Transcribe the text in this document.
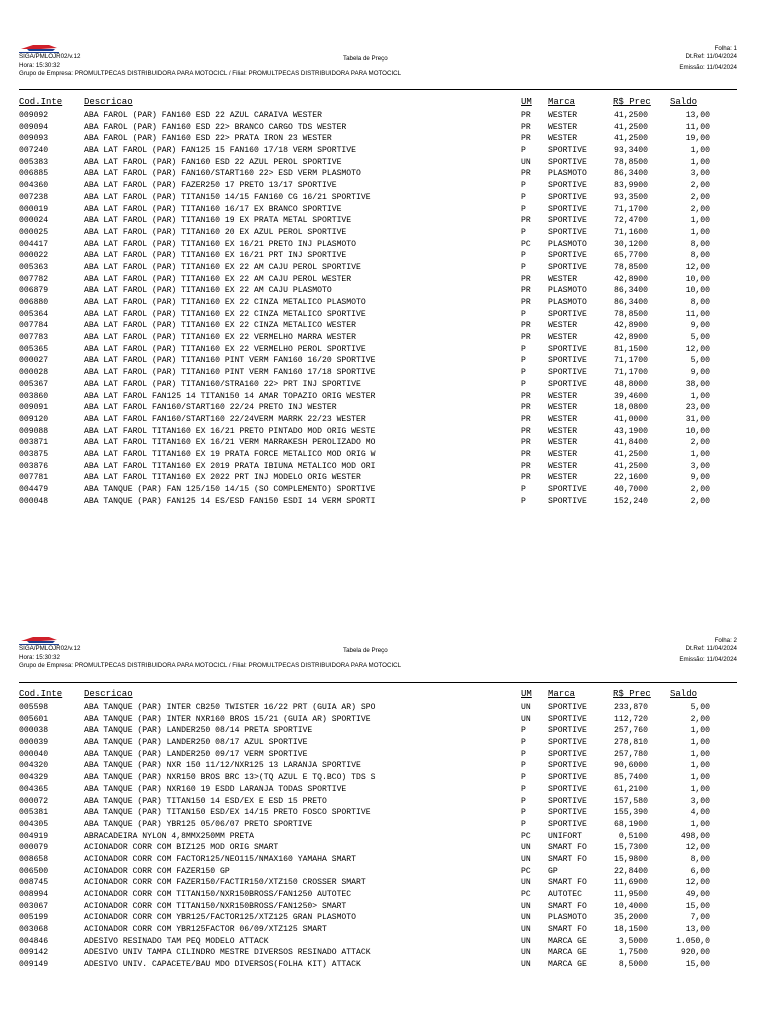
SIGA/PMLOJR02/v.12	Tabela de Preço
Folha: 1
Dt.Ref: 11/04/2024
Hora: 15:30:32	Emissão: 11/04/2024
Grupo de Empresa: PROMULTPECAS DISTRIBUIDORA PARA MOTOCICL / Filial: PROMULTPECAS DISTRIBUIDORA PARA MOTOCICL
Cod.Inte Descricao	UM Marca	R$ Prec Saldo
009092	ABA FAROL (PAR) FAN160 ESD 22 AZUL CARAIVA WESTER	PR WESTER	41,2500	13,00
009094	ABA FAROL (PAR) FAN160 ESD 22> BRANCO CARGO TDS WESTER	PR WESTER	41,2500	11,00
009093	ABA FAROL (PAR) FAN160 ESD 22> PRATA IRON 23 WESTER	PR WESTER	41,2500	19,00
007240	ABA LAT FAROL (PAR) FAN125 15 FAN160 17/18 VERM SPORTIVE	P	SPORTIVE	93,3400	1,00
005383	ABA LAT FAROL (PAR) FAN160 ESD 22 AZUL PEROL SPORTIVE	UN SPORTIVE	78,8500	1,00
006885	ABA LAT FAROL (PAR) FAN160/START160 22> ESD VERM PLASMOTO	PR PLASMOTO	86,3400	3,00
004360	ABA LAT FAROL (PAR) FAZER250 17 PRETO 13/17 SPORTIVE	P	SPORTIVE	83,9900	2,00
007238	ABA LAT FAROL (PAR) TITAN150 14/15 FAN160 CG 16/21 SPORTIVE	P	SPORTIVE	93,3500	2,00
000019	ABA LAT FAROL (PAR) TITAN160 16/17 EX BRANCO SPORTIVE	P	SPORTIVE	71,1700	2,00
000024	ABA LAT FAROL (PAR) TITAN160 19 EX PRATA METAL SPORTIVE	PR SPORTIVE	72,4700	1,00
000025	ABA LAT FAROL (PAR) TITAN160 20 EX AZUL PEROL SPORTIVE	P	SPORTIVE	71,1600	1,00
004417	ABA LAT FAROL (PAR) TITAN160 EX 16/21 PRETO INJ PLASMOTO	PC PLASMOTO	30,1200	8,00
000022	ABA LAT FAROL (PAR) TITAN160 EX 16/21 PRT INJ SPORTIVE	P	SPORTIVE	65,7700	8,00
005363	ABA LAT FAROL (PAR) TITAN160 EX 22 AM CAJU PEROL SPORTIVE	P	SPORTIVE	78,8500	12,00
007782	ABA LAT FAROL (PAR) TITAN160 EX 22 AM CAJU PEROL WESTER	PR WESTER	42,8900	10,00
006879	ABA LAT FAROL (PAR) TITAN160 EX 22 AM CAJU PLASMOTO	PR PLASMOTO	86,3400	10,00
006880	ABA LAT FAROL (PAR) TITAN160 EX 22 CINZA METALICO PLASMOTO	PR PLASMOTO	86,3400	8,00
005364	ABA LAT FAROL (PAR) TITAN160 EX 22 CINZA METALICO SPORTIVE	P	SPORTIVE	78,8500	11,00
007784	ABA LAT FAROL (PAR) TITAN160 EX 22 CINZA METALICO WESTER	PR WESTER	42,8900	9,00
007783	ABA LAT FAROL (PAR) TITAN160 EX 22 VERMELHO MARRA WESTER	PR WESTER	42,8900	5,00
005365	ABA LAT FAROL (PAR) TITAN160 EX 22 VERMELHO PEROL SPORTIVE	P	SPORTIVE	81,1500	12,00
000027	ABA LAT FAROL (PAR) TITAN160 PINT VERM FAN160 16/20 SPORTIVE	P	SPORTIVE	71,1700	5,00
000028	ABA LAT FAROL (PAR) TITAN160 PINT VERM FAN160 17/18 SPORTIVE	P	SPORTIVE	71,1700	9,00
005367	ABA LAT FAROL (PAR) TITAN160/STRA160 22> PRT INJ SPORTIVE	P	SPORTIVE	48,8000	38,00
003860	ABA LAT FAROL FAN125 14 TITAN150 14 AMAR TOPAZIO ORIG WESTER	PR WESTER	39,4600	1,00
009091	ABA LAT FAROL FAN160/START160 22/24 PRETO INJ WESTER	PR WESTER	18,0800	23,00
009120	ABA LAT FAROL FAN160/START160 22/24VERM MARRK 22/23 WESTER	PR WESTER	41,0000	31,00
009088	ABA LAT FAROL TITAN160 EX 16/21 PRETO PINTADO MOD ORIG WESTE	PR WESTER	43,1900	10,00
003871	ABA LAT FAROL TITAN160 EX 16/21 VERM MARRAKESH PEROLIZADO MO	PR WESTER	41,8400	2,00
003875	ABA LAT FAROL TITAN160 EX 19 PRATA FORCE METALICO MOD ORIG W	PR WESTER	41,2500	1,00
003876	ABA LAT FAROL TITAN160 EX 2019 PRATA IBIUNA METALICO MOD ORI	PR WESTER	41,2500	3,00
007781	ABA LAT FAROL TITAN160 EX 2022 PRT INJ MODELO ORIG WESTER	PR WESTER	22,1600	9,00
004479	ABA TANQUE (PAR) FAN 125/150 14/15 (SO COMPLEMENTO) SPORTIVE	P	SPORTIVE	40,7000	2,00
000048	ABA TANQUE (PAR) FAN125 14 ES/ESD FAN150 ESDI 14 VERM SPORTI	P	SPORTIVE	152,240	2,00
SIGA/PMLOJR02/v.12	Tabela de Preço
Folha: 2
Dt.Ref: 11/04/2024
Hora: 15:30:32	Emissão: 11/04/2024
Grupo de Empresa: PROMULTPECAS DISTRIBUIDORA PARA MOTOCICL / Filial: PROMULTPECAS DISTRIBUIDORA PARA MOTOCICL
Cod.Inte Descricao	UM Marca	R$ Prec Saldo
005598	ABA TANQUE (PAR) INTER CB250 TWISTER 16/22 PRT (GUIA AR) SPO	UN SPORTIVE	233,870	5,00
005601	ABA TANQUE (PAR) INTER NXR160 BROS 15/21 (GUIA AR) SPORTIVE	UN SPORTIVE	112,720	2,00
000038	ABA TANQUE (PAR) LANDER250 08/14 PRETA SPORTIVE	P	SPORTIVE	257,760	1,00
000039	ABA TANQUE (PAR) LANDER250 08/17 AZUL SPORTIVE	P	SPORTIVE	278,810	1,00
000040	ABA TANQUE (PAR) LANDER250 09/17 VERM SPORTIVE	P	SPORTIVE	257,780	1,00
004320	ABA TANQUE (PAR) NXR 150 11/12/NXR125 13 LARANJA SPORTIVE	P	SPORTIVE	90,6000	1,00
004329	ABA TANQUE (PAR) NXR150 BROS BRC 13>(TQ AZUL E TQ.BCO) TDS S	P	SPORTIVE	85,7400	1,00
004365	ABA TANQUE (PAR) NXR160 19 ESDD LARANJA TODAS SPORTIVE	P	SPORTIVE	61,2100	1,00
000072	ABA TANQUE (PAR) TITAN150 14 ESD/EX E ESD 15 PRETO	P	SPORTIVE	157,580	3,00
005381	ABA TANQUE (PAR) TITAN150 ESD/EX 14/15 PRETO FOSCO SPORTIVE	P	SPORTIVE	155,390	4,00
004305	ABA TANQUE (PAR) YBR125 05/06/07 PRETO SPORTIVE	P	SPORTIVE	68,1900	1,00
004919	ABRACADEIRA NYLON 4,8MMX250MM PRETA	PC UNIFORT	0,5100	498,00
000079	ACIONADOR CORR COM BIZ125 MOD ORIG SMART	UN SMART FO	15,7300	12,00
008658	ACIONADOR CORR COM FACTOR125/NEO115/NMAX160 YAMAHA SMART	UN SMART FO	15,9800	8,00
006500	ACIONADOR CORR COM FAZER150 GP	PC GP	22,8400	6,00
008745	ACIONADOR CORR COM FAZER150/FACTIR150/XTZ150 CROSSER SMART	UN SMART FO	11,6900	12,00
008994	ACIONADOR CORR COM TITAN150/NXR150BROSS/FAN1250 AUTOTEC	PC AUTOTEC	11,9500	49,00
003067	ACIONADOR CORR COM TITAN150/NXR150BROSS/FAN1250> SMART	UN SMART FO	10,4000	15,00
005199	ACIONADOR CORR COM YBR125/FACTOR125/XTZ125 GRAN PLASMOTO	UN PLASMOTO	35,2000	7,00
003068	ACIONADOR CORR COM YBR125FACTOR 06/09/XTZ125 SMART	UN SMART FO	18,1500	13,00
004846	ADESIVO RESINADO TAM PEQ MODELO ATTACK	UN MARCA GE	3,5000	1.050,0
009142	ADESIVO UNIV TAMPA CILINDRO MESTRE DIVERSOS RESINADO ATTACK	UN MARCA GE	1,7500	920,00
009149	ADESIVO UNIV. CAPACETE/BAU MDO DIVERSOS(FOLHA KIT) ATTACK	UN MARCA GE	8,5000	15,00
